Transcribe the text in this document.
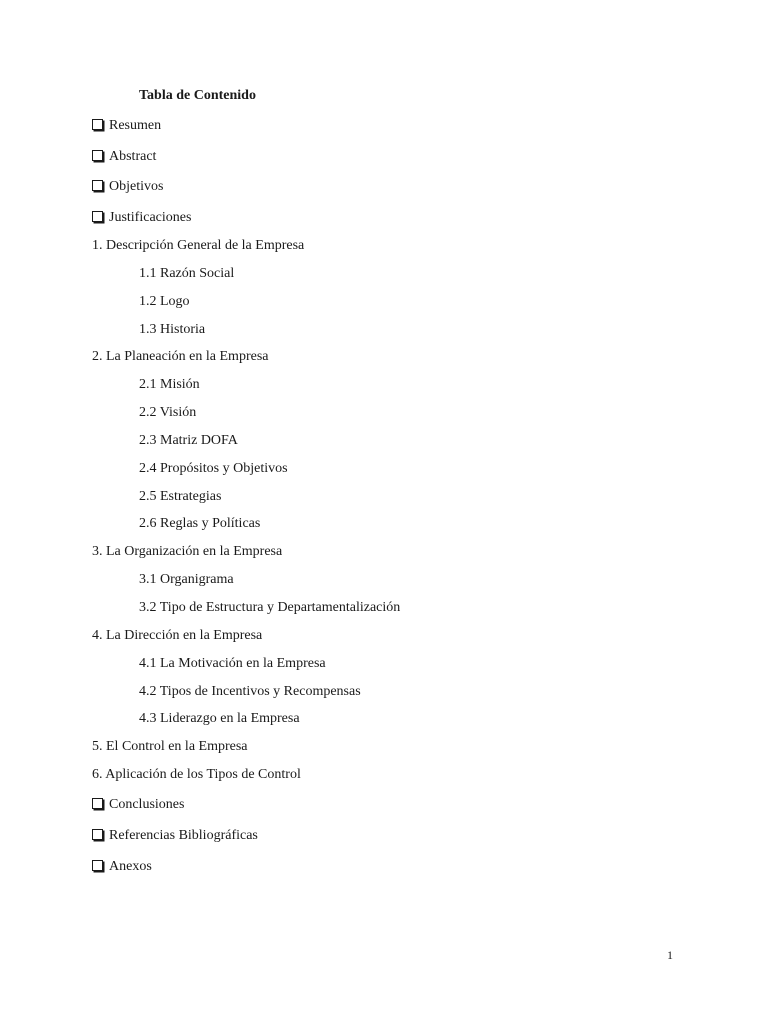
Tabla de Contenido
Resumen
Abstract
Objetivos
Justificaciones
1. Descripción General de la Empresa
1.1 Razón Social
1.2 Logo
1.3 Historia
2. La Planeación en la Empresa
2.1 Misión
2.2 Visión
2.3 Matriz DOFA
2.4 Propósitos y Objetivos
2.5 Estrategias
2.6 Reglas y Políticas
3. La Organización en la Empresa
3.1 Organigrama
3.2 Tipo de Estructura y Departamentalización
4. La Dirección en la Empresa
4.1 La Motivación en la Empresa
4.2 Tipos de Incentivos y Recompensas
4.3 Liderazgo en la Empresa
5. El Control en la Empresa
6. Aplicación de los Tipos de Control
Conclusiones
Referencias Bibliográficas
Anexos
1
